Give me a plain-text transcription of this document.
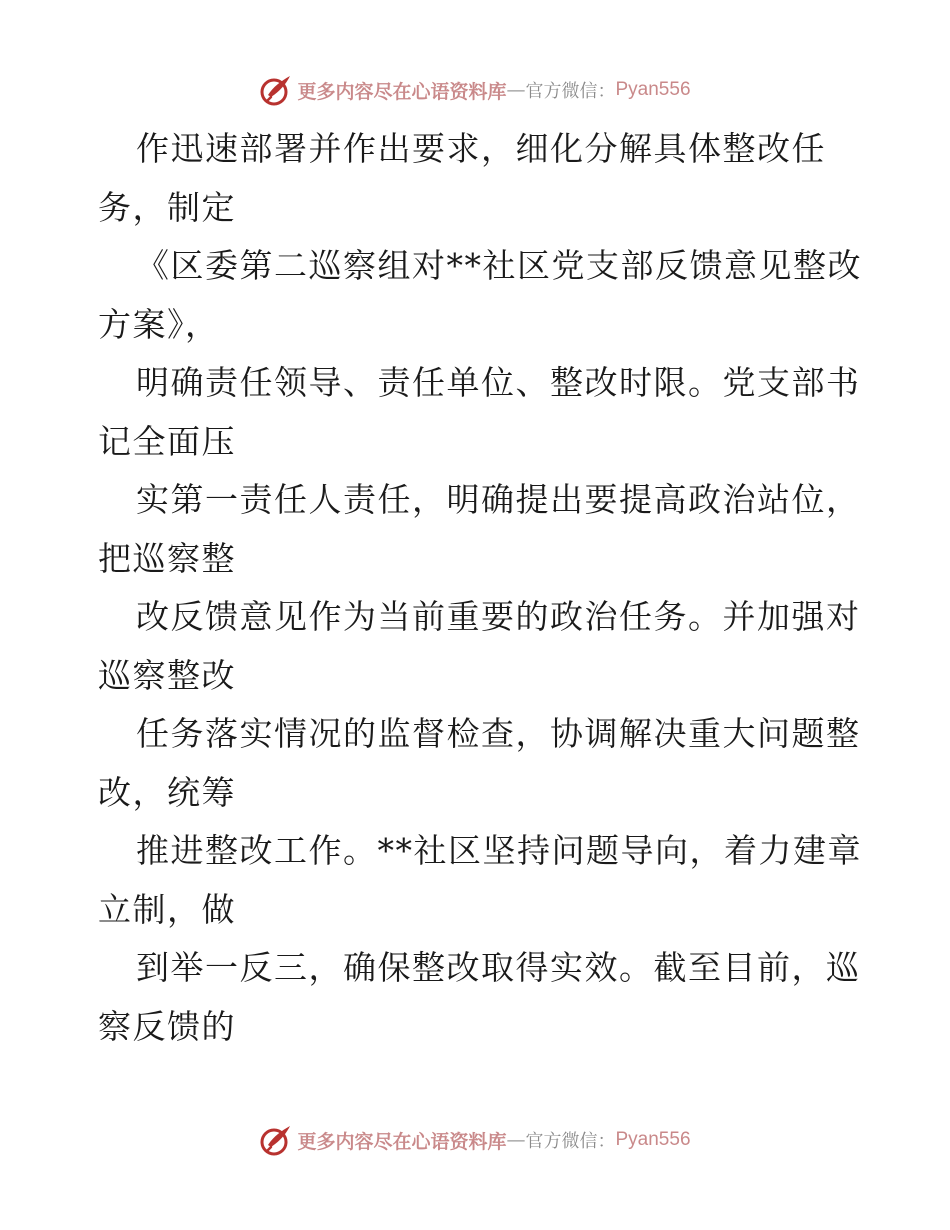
更多内容尽在心语资料库 — 官方微信： Pyan556
作迅速部署并作出要求，细化分解具体整改任
务，制定
《区委第二巡察组对**社区党支部反馈意见整改
方案》，
明确责任领导、责任单位、整改时限。党支部书
记全面压
实第一责任人责任，明确提出要提高政治站位，
把巡察整
改反馈意见作为当前重要的政治任务。并加强对
巡察整改
任务落实情况的监督检查，协调解决重大问题整
改，统筹
推进整改工作。**社区坚持问题导向，着力建章
立制，做
到举一反三，确保整改取得实效。截至目前，巡
察反馈的
更多内容尽在心语资料库 — 官方微信： Pyan556
